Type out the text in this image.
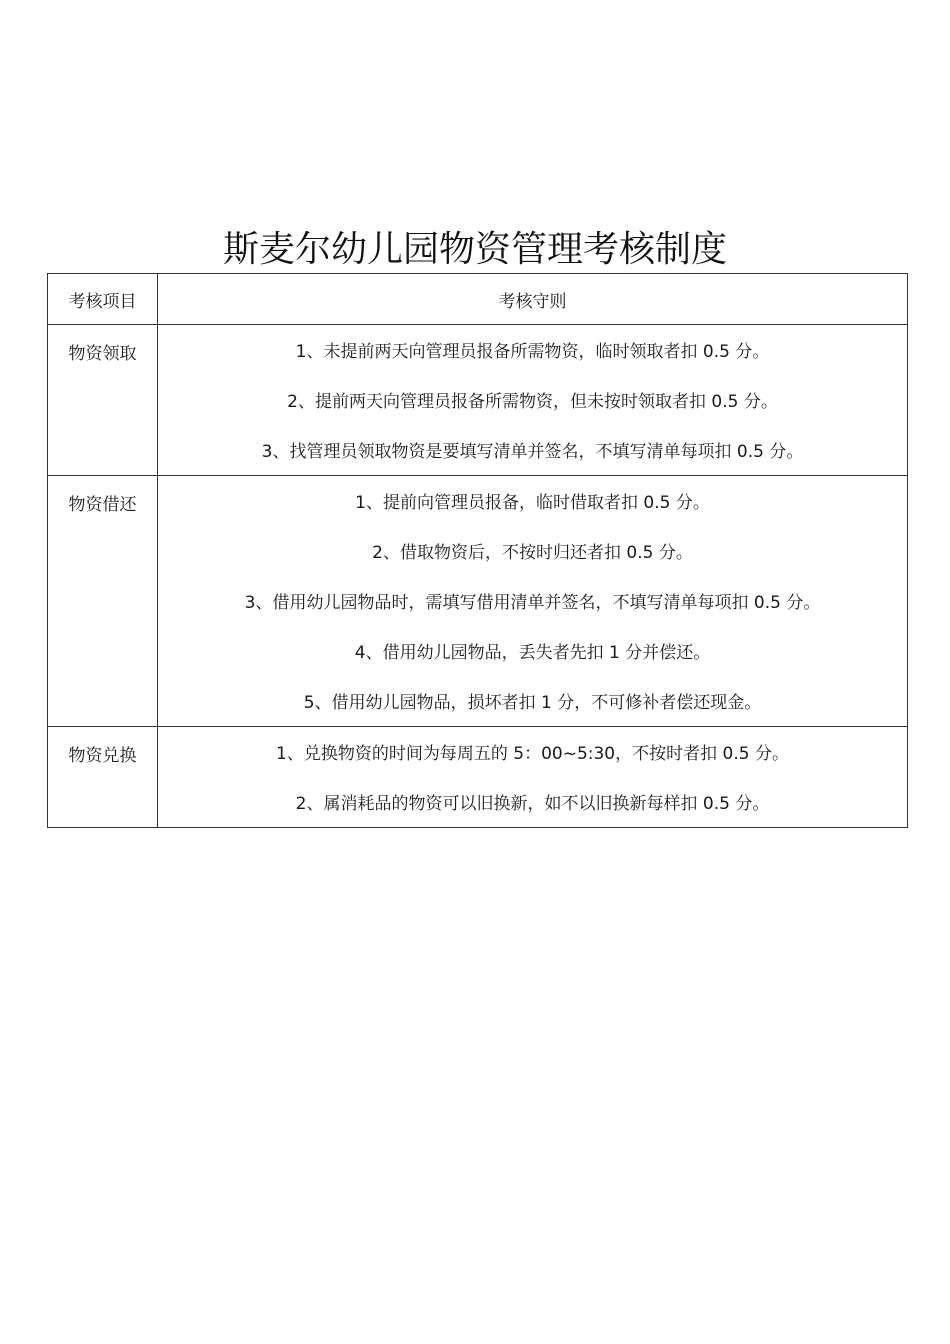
斯麦尔幼儿园物资管理考核制度
考核项目	考核守则
物资领取	1、未提前两天向管理员报备所需物资，临时领取者扣 0.5 分。
2、提前两天向管理员报备所需物资，但未按时领取者扣 0.5 分。
3、找管理员领取物资是要填写清单并签名，不填写清单每项扣 0.5 分。

物资借还	1、提前向管理员报备，临时借取者扣 0.5 分。
2、借取物资后，不按时归还者扣 0.5 分。
3、借用幼儿园物品时，需填写借用清单并签名，不填写清单每项扣 0.5 分。
4、借用幼儿园物品，丢失者先扣 1 分并偿还。
5、借用幼儿园物品，损坏者扣 1 分，不可修补者偿还现金。

物资兑换	1、兑换物资的时间为每周五的 5：00~5:30，不按时者扣 0.5 分。
2、属消耗品的物资可以旧换新，如不以旧换新每样扣 0.5 分。
